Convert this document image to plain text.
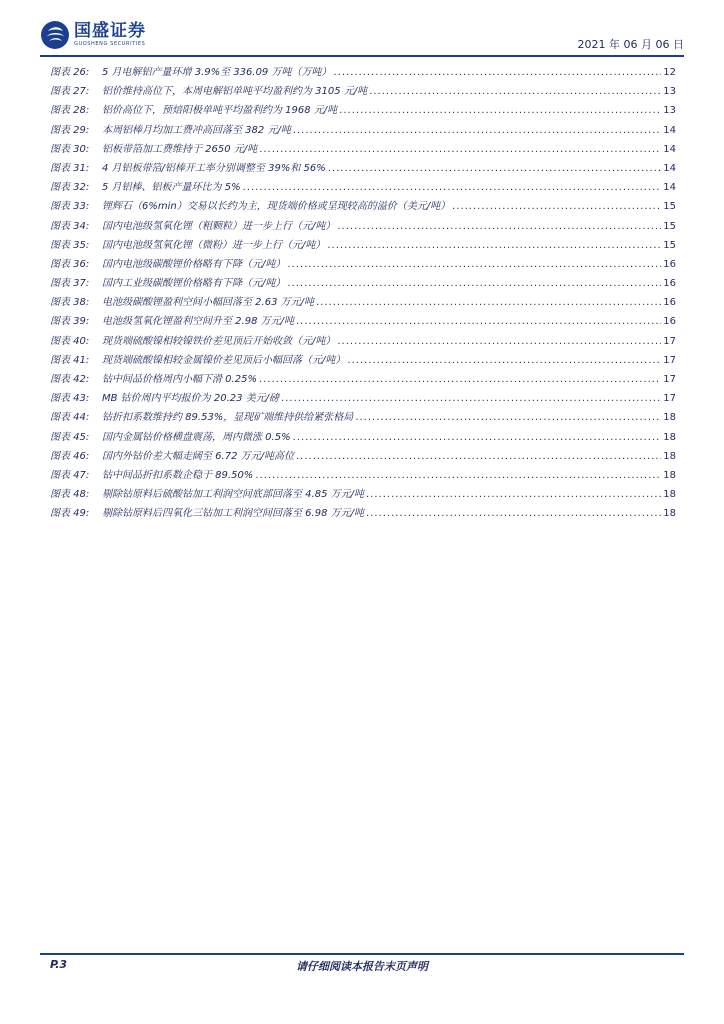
国盛证券
GUOSHENG SECURITIES	2021 年 06 月 06 日
图表 26:	5 月电解铝产量环增 3.9%至 336.09 万吨（万吨） .....	12
图表 27:	铝价维持高位下，本周电解铝单吨平均盈利约为 3105 元/吨 .....	13
图表 28:	铝价高位下，预焙阳极单吨平均盈利约为 1968 元/吨 .....	13
图表 29:	本周铝棒月均加工费冲高回落至 382 元/吨 .....	14
图表 30:	铝板带箔加工费维持于 2650 元/吨 .....	14
图表 31:	4 月铝板带箔/铝棒开工率分别调整至 39%和 56% .....	14
图表 32:	5 月铝棒、铝板产量环比为 5% .....	14
图表 33:	锂辉石（6%min）交易以长约为主，现货端价格或呈现较高的溢价（美元/吨） .....	15
图表 34:	国内电池级氢氧化锂（粗颗粒）进一步上行（元/吨） .....	15
图表 35:	国内电池级氢氧化锂（微粉）进一步上行（元/吨） .....	15
图表 36:	国内电池级碳酸锂价格略有下降（元/吨） .....	16
图表 37:	国内工业级碳酸锂价格略有下降（元/吨） .....	16
图表 38:	电池级碳酸锂盈利空间小幅回落至 2.63 万元/吨 .....	16
图表 39:	电池级氢氧化锂盈利空间升至 2.98 万元/吨 .....	16
图表 40:	现货端硫酸镍相较镍铁价差见顶后开始收敛（元/吨） .....	17
图表 41:	现货端硫酸镍相较金属镍价差见顶后小幅回落（元/吨） .....	17
图表 42:	钴中间品价格周内小幅下滑 0.25% .....	17
图表 43:	MB 钴价周内平均报价为 20.23 美元/磅 .....	17
图表 44:	钴折扣系数维持约 89.53%，显现矿端维持供给紧张格局 .....	18
图表 45:	国内金属钴价格横盘震荡，周内微涨 0.5% .....	18
图表 46:	国内外钴价差大幅走阔至 6.72 万元/吨高位 .....	18
图表 47:	钴中间品折扣系数企稳于 89.50% .....	18
图表 48:	剔除钴原料后硫酸钴加工利润空间底部回落至 4.85 万元/吨 .....	18
图表 49:	剔除钴原料后四氧化三钴加工利润空间回落至 6.98 万元/吨 .....	18
P.3	请仔细阅读本报告末页声明
